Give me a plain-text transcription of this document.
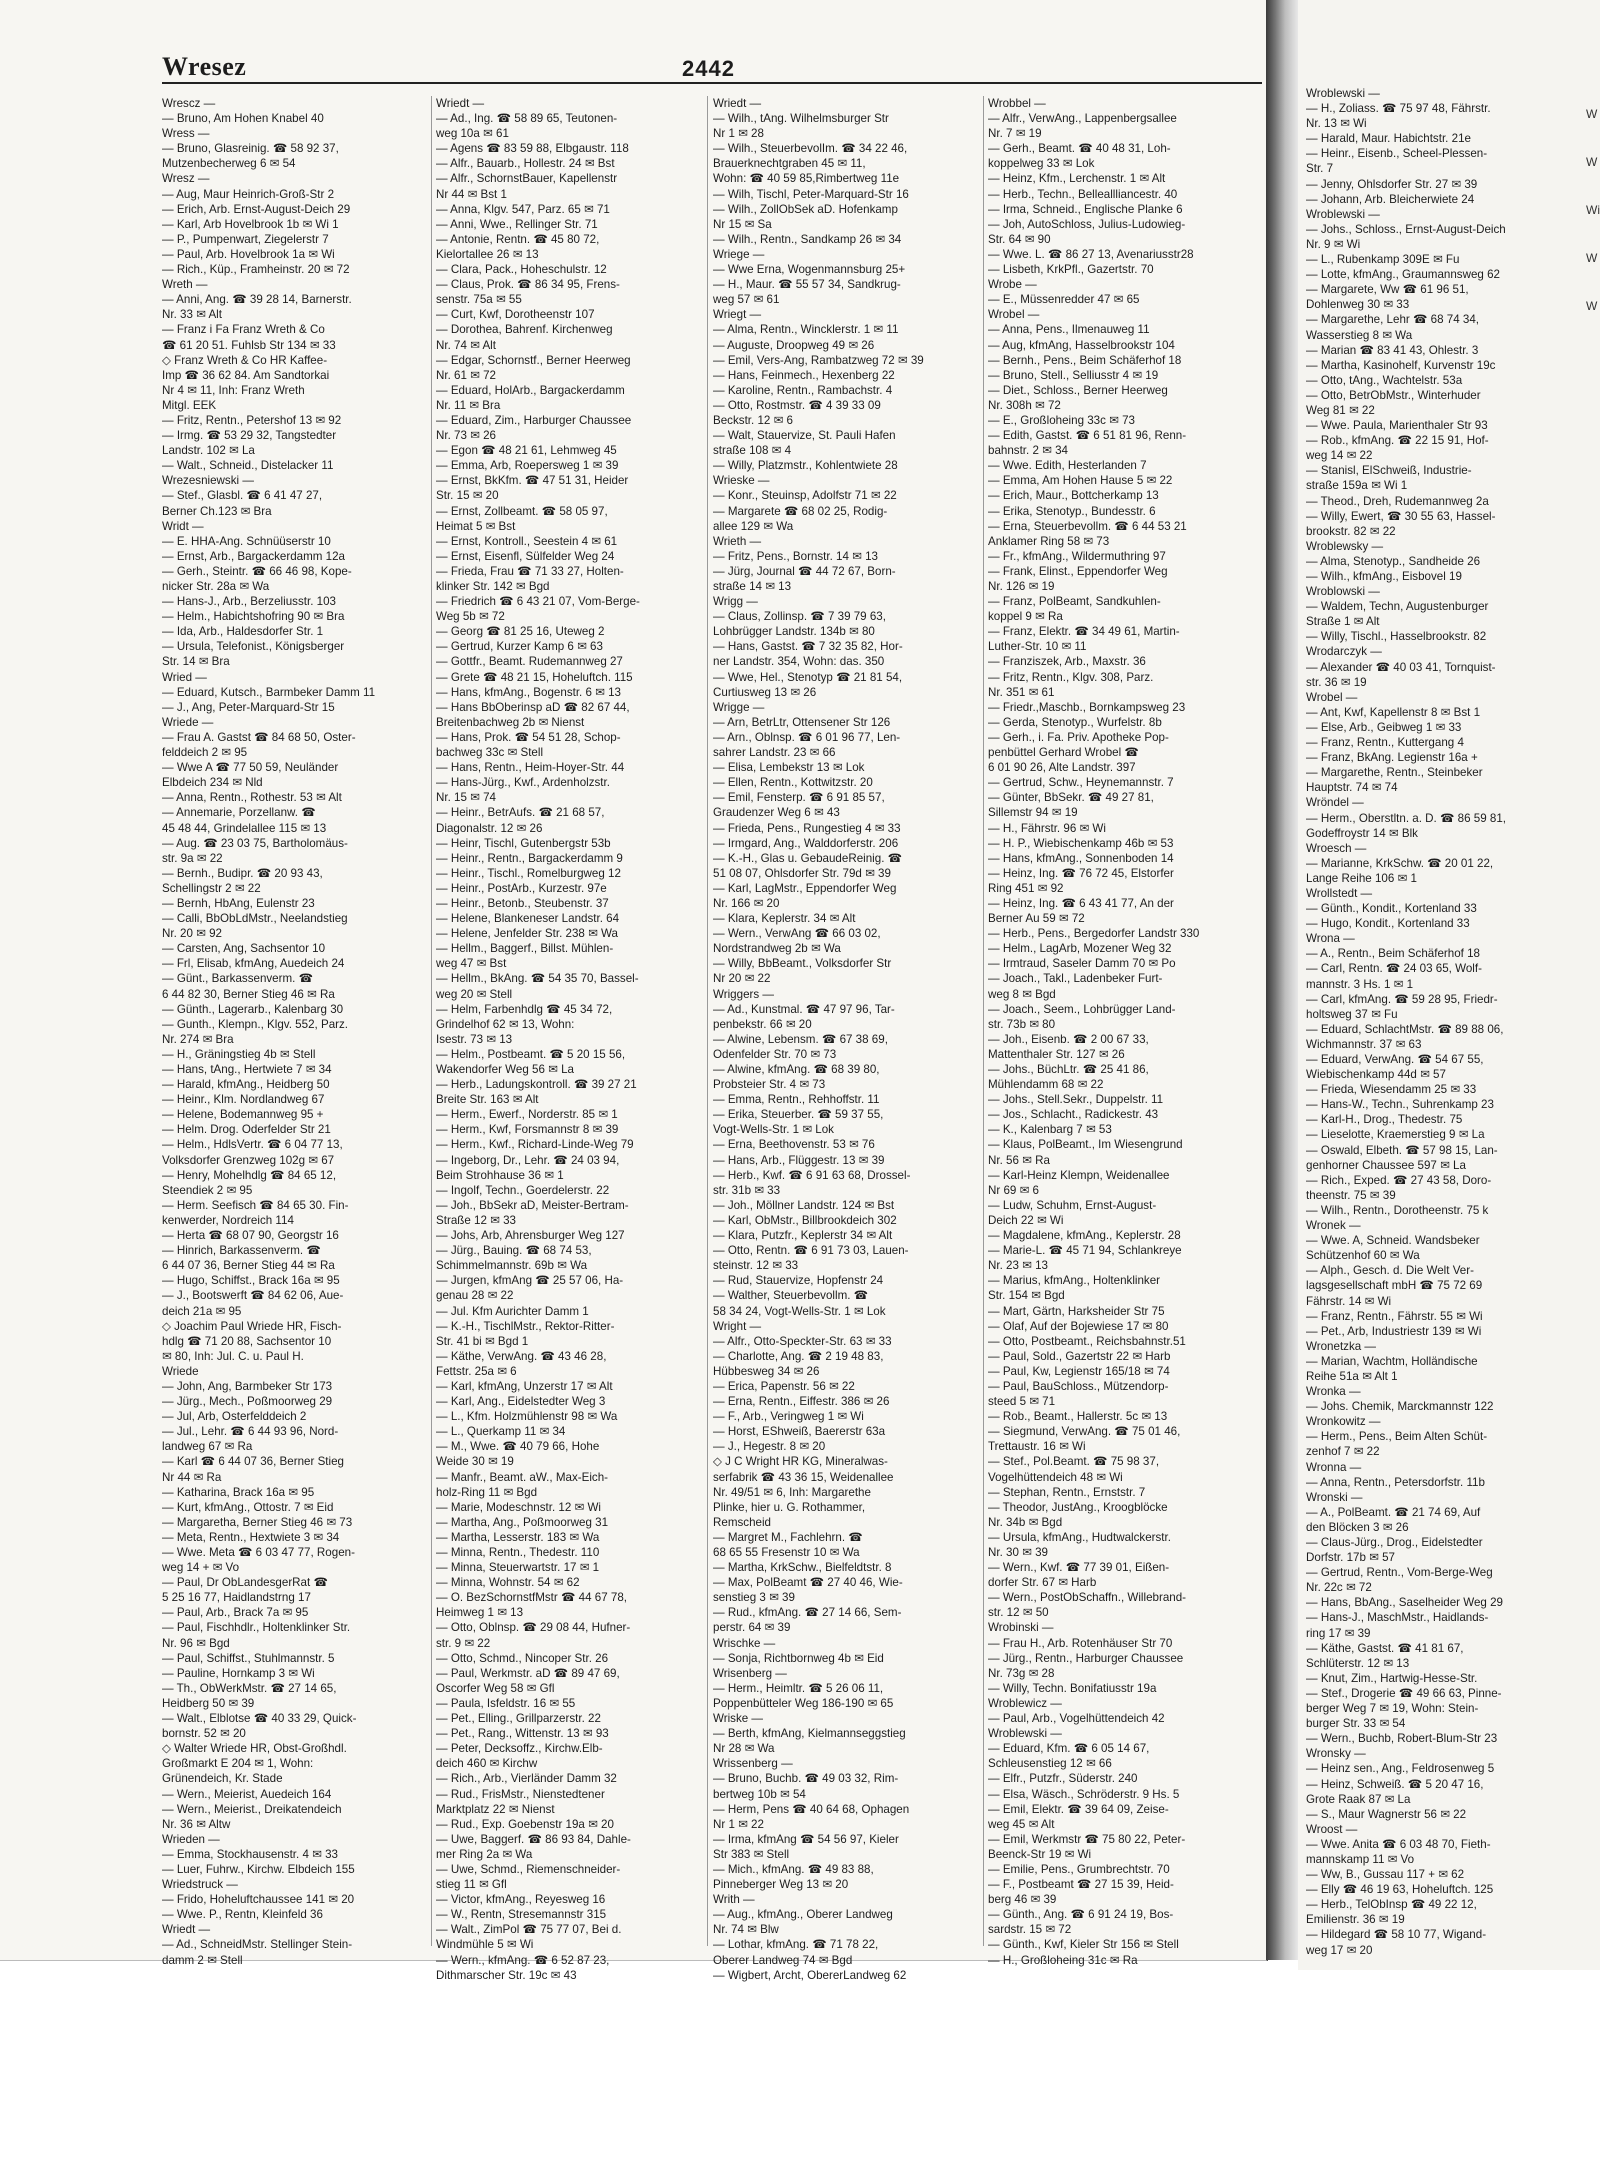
Wresez	2442
Wrescz —
— Bruno, Am Hohen Knabel 40
Wress —
— Bruno, Glasreinig. ☎ 58 92 37,
Mutzenbecherweg 6 ✉ 54
Wresz —
— Aug, Maur Heinrich-Groß-Str 2
— Erich, Arb. Ernst-August-Deich 29
— Karl, Arb Hovelbrook 1b ✉ Wi 1
— P., Pumpenwart, Ziegelerstr 7
— Paul, Arb. Hovelbrook 1a ✉ Wi
— Rich., Küp., Framheinstr. 20 ✉ 72
Wreth —
— Anni, Ang. ☎ 39 28 14, Barnerstr.
Nr. 33 ✉ Alt
— Franz i Fa Franz Wreth & Co
☎ 61 20 51. Fuhlsb Str 134 ✉ 33
◇ Franz Wreth & Co HR Kaffee-
Imp ☎ 36 62 84. Am Sandtorkai
Nr 4 ✉ 11, Inh: Franz Wreth
Mitgl. EEK
— Fritz, Rentn., Petershof 13 ✉ 92
— Irmg. ☎ 53 29 32, Tangstedter
Landstr. 102 ✉ La
— Walt., Schneid., Distelacker 11
Wrezesniewski —
— Stef., Glasbl. ☎ 6 41 47 27,
Berner Ch.123 ✉ Bra
Wridt —
— E. HHA-Ang. Schnüüserstr 10
— Ernst, Arb., Bargackerdamm 12a
— Gerh., Steintr. ☎ 66 46 98, Kope-
nicker Str. 28a ✉ Wa
— Hans-J., Arb., Berzeliusstr. 103
— Helm., Habichtshofring 90 ✉ Bra
— Ida, Arb., Haldesdorfer Str. 1
— Ursula, Telefonist., Königsberger
Str. 14 ✉ Bra
Wried —
— Eduard, Kutsch., Barmbeker Damm 11
— J., Ang, Peter-Marquard-Str 15
Wriede —
— Frau A. Gastst ☎ 84 68 50, Oster-
felddeich 2 ✉ 95
— Wwe A ☎ 77 50 59, Neuländer
Elbdeich 234 ✉ Nld
— Anna, Rentn., Rothestr. 53 ✉ Alt
— Annemarie, Porzellanw. ☎
45 48 44, Grindelallee 115 ✉ 13
— Aug. ☎ 23 03 75, Bartholomäus-
str. 9a ✉ 22
— Bernh., Budipr. ☎ 20 93 43,
Schellingstr 2 ✉ 22
— Bernh, HbAng, Eulenstr 23
— Calli, BbObLdMstr., Neelandstieg
Nr. 20 ✉ 92
— Carsten, Ang, Sachsentor 10
— Frl, Elisab, kfmAng, Auedeich 24
— Günt., Barkassenverm. ☎
6 44 82 30, Berner Stieg 46 ✉ Ra
— Günth., Lagerarb., Kalenbarg 30
— Gunth., Klempn., Klgv. 552, Parz.
Nr. 274 ✉ Bra
— H., Gräningstieg 4b ✉ Stell
— Hans, tAng., Hertwiete 7 ✉ 34
— Harald, kfmAng., Heidberg 50
— Heinr., Klm. Nordlandweg 67
— Helene, Bodemannweg 95 +
— Helm. Drog. Oderfelder Str 21
— Helm., HdlsVertr. ☎ 6 04 77 13,
Volksdorfer Grenzweg 102g ✉ 67
— Henry, Mohelhdlg ☎ 84 65 12,
Steendiek 2 ✉ 95
— Herm. Seefisch ☎ 84 65 30. Fin-
kenwerder, Nordreich 114
— Herta ☎ 68 07 90, Georgstr 16
— Hinrich, Barkassenverm. ☎
6 44 07 36, Berner Stieg 44 ✉ Ra
— Hugo, Schiffst., Brack 16a ✉ 95
— J., Bootswerft ☎ 84 62 06, Aue-
deich 21a ✉ 95
◇ Joachim Paul Wriede HR, Fisch-
hdlg ☎ 71 20 88, Sachsentor 10
✉ 80, Inh: Jul. C. u. Paul H.
Wriede
— John, Ang, Barmbeker Str 173
— Jürg., Mech., Poßmoorweg 29
— Jul, Arb, Osterfelddeich 2
— Jul., Lehr. ☎ 6 44 93 96, Nord-
landweg 67 ✉ Ra
— Karl ☎ 6 44 07 36, Berner Stieg
Nr 44 ✉ Ra
— Katharina, Brack 16a ✉ 95
— Kurt, kfmAng., Ottostr. 7 ✉ Eid
— Margaretha, Berner Stieg 46 ✉ 73
— Meta, Rentn., Hextwiete 3 ✉ 34
— Wwe. Meta ☎ 6 03 47 77, Rogen-
weg 14 + ✉ Vo
— Paul, Dr ObLandesgerRat ☎
5 25 16 77, Haidlandstrng 17
— Paul, Arb., Brack 7a ✉ 95
— Paul, Fischhdlr., Holtenklinker Str.
Nr. 96 ✉ Bgd
— Paul, Schiffst., Stuhlmannstr. 5
— Pauline, Hornkamp 3 ✉ Wi
— Th., ObWerkMstr. ☎ 27 14 65,
Heidberg 50 ✉ 39
— Walt., Elblotse ☎ 40 33 29, Quick-
bornstr. 52 ✉ 20
◇ Walter Wriede HR, Obst-Großhdl.
Großmarkt E 204 ✉ 1, Wohn:
Grünendeich, Kr. Stade
— Wern., Meierist, Auedeich 164
— Wern., Meierist., Dreikatendeich
Nr. 36 ✉ Altw
Wrieden —
— Emma, Stockhausenstr. 4 ✉ 33
— Luer, Fuhrw., Kirchw. Elbdeich 155
Wriedstruck —
— Frido, Hoheluftchaussee 141 ✉ 20
— Wwe. P., Rentn, Kleinfeld 36
Wriedt —
— Ad., SchneidMstr. Stellinger Stein-
damm 2 ✉ Stell
Wriedt —
— Ad., Ing. ☎ 58 89 65, Teutonen-
weg 10a ✉ 61
— Agens ☎ 83 59 88, Elbgaustr. 118
— Alfr., Bauarb., Hollestr. 24 ✉ Bst
— Alfr., SchornstBauer, Kapellenstr
Nr 44 ✉ Bst 1
— Anna, Klgv. 547, Parz. 65 ✉ 71
— Anni, Wwe., Rellinger Str. 71
— Antonie, Rentn. ☎ 45 80 72,
Kielortallee 26 ✉ 13
— Clara, Pack., Hoheschulstr. 12
— Claus, Prok. ☎ 86 34 95, Frens-
senstr. 75a ✉ 55
— Curt, Kwf, Dorotheenstr 107
— Dorothea, Bahrenf. Kirchenweg
Nr. 74 ✉ Alt
— Edgar, Schornstf., Berner Heerweg
Nr. 61 ✉ 72
— Eduard, HolArb., Bargackerdamm
Nr. 11 ✉ Bra
— Eduard, Zim., Harburger Chaussee
Nr. 73 ✉ 26
— Egon ☎ 48 21 61, Lehmweg 45
— Emma, Arb, Roepersweg 1 ✉ 39
— Ernst, BkKfm. ☎ 47 51 31, Heider
Str. 15 ✉ 20
— Ernst, Zollbeamt. ☎ 58 05 97,
Heimat 5 ✉ Bst
— Ernst, Kontroll., Seestein 4 ✉ 61
— Ernst, Eisenfl, Sülfelder Weg 24
— Frieda, Frau ☎ 71 33 27, Holten-
klinker Str. 142 ✉ Bgd
— Friedrich ☎ 6 43 21 07, Vom-Berge-
Weg 5b ✉ 72
— Georg ☎ 81 25 16, Uteweg 2
— Gertrud, Kurzer Kamp 6 ✉ 63
— Gottfr., Beamt. Rudemannweg 27
— Grete ☎ 48 21 15, Hoheluftch. 115
— Hans, kfmAng., Bogenstr. 6 ✉ 13
— Hans BbOberinsp aD ☎ 82 67 44,
Breitenbachweg 2b ✉ Nienst
— Hans, Prok. ☎ 54 51 28, Schop-
bachweg 33c ✉ Stell
— Hans, Rentn., Heim-Hoyer-Str. 44
— Hans-Jürg., Kwf., Ardenholzstr.
Nr. 15 ✉ 74
— Heinr., BetrAufs. ☎ 21 68 57,
Diagonalstr. 12 ✉ 26
— Heinr, Tischl, Gutenbergstr 53b
— Heinr., Rentn., Bargackerdamm 9
— Heinr., Tischl., Romelburgweg 12
— Heinr., PostArb., Kurzestr. 97e
— Heinr., Betonb., Steubenstr. 37
— Helene, Blankeneser Landstr. 64
— Helene, Jenfelder Str. 238 ✉ Wa
— Hellm., Baggerf., Billst. Mühlen-
weg 47 ✉ Bst
— Hellm., BkAng. ☎ 54 35 70, Bassel-
weg 20 ✉ Stell
— Helm, Farbenhdlg ☎ 45 34 72,
Grindelhof 62 ✉ 13, Wohn:
Isestr. 73 ✉ 13
— Helm., Postbeamt. ☎ 5 20 15 56,
Wakendorfer Weg 56 ✉ La
— Herb., Ladungskontroll. ☎ 39 27 21
Breite Str. 163 ✉ Alt
— Herm., Ewerf., Norderstr. 85 ✉ 1
— Herm., Kwf, Forsmannstr 8 ✉ 39
— Herm., Kwf., Richard-Linde-Weg 79
— Ingeborg, Dr., Lehr. ☎ 24 03 94,
Beim Strohhause 36 ✉ 1
— Ingolf, Techn., Goerdelerstr. 22
— Joh., BbSekr aD, Meister-Bertram-
Straße 12 ✉ 33
— Johs, Arb, Ahrensburger Weg 127
— Jürg., Bauing. ☎ 68 74 53,
Schimmelmannstr. 69b ✉ Wa
— Jurgen, kfmAng ☎ 25 57 06, Ha-
genau 28 ✉ 22
— Jul. Kfm Aurichter Damm 1
— K.-H., TischlMstr., Rektor-Ritter-
Str. 41 bi ✉ Bgd 1
— Käthe, VerwAng. ☎ 43 46 28,
Fettstr. 25a ✉ 6
— Karl, kfmAng, Unzerstr 17 ✉ Alt
— Karl, Ang., Eidelstedter Weg 3
— L., Kfm. Holzmühlenstr 98 ✉ Wa
— L., Querkamp 11 ✉ 34
— M., Wwe. ☎ 40 79 66, Hohe
Weide 30 ✉ 19
— Manfr., Beamt. aW., Max-Eich-
holz-Ring 11 ✉ Bgd
— Marie, Modeschnstr. 12 ✉ Wi
— Martha, Ang., Poßmoorweg 31
— Martha, Lesserstr. 183 ✉ Wa
— Minna, Rentn., Thedestr. 110
— Minna, Steuerwartstr. 17 ✉ 1
— Minna, Wohnstr. 54 ✉ 62
— O. BezSchornstfMstr ☎ 44 67 78,
Heimweg 1 ✉ 13
— Otto, Oblnsp. ☎ 29 08 44, Hufner-
str. 9 ✉ 22
— Otto, Schmd., Nincoper Str. 26
— Paul, Werkmstr. aD ☎ 89 47 69,
Oscorfer Weg 58 ✉ Gfl
— Paula, Isfeldstr. 16 ✉ 55
— Pet., Elling., Grillparzerstr. 22
— Pet., Rang., Wittenstr. 13 ✉ 93
— Peter, Decksoffz., Kirchw.Elb-
deich 460 ✉ Kirchw
— Rich., Arb., Vierländer Damm 32
— Rud., FrisMstr., Nienstedtener
Marktplatz 22 ✉ Nienst
— Rud., Exp. Goebenstr 19a ✉ 20
— Uwe, Baggerf. ☎ 86 93 84, Dahle-
mer Ring 2a ✉ Wa
— Uwe, Schmd., Riemenschneider-
stieg 11 ✉ Gfl
— Victor, kfmAng., Reyesweg 16
— W., Rentn, Stresemannstr 315
— Walt., ZimPol ☎ 75 77 07, Bei d.
Windmühle 5 ✉ Wi
— Wern., kfmAng. ☎ 6 52 87 23,
Dithmarscher Str. 19c ✉ 43
Wriedt —
— Wilh., tAng. Wilhelmsburger Str
Nr 1 ✉ 28
— Wilh., SteuerbevolIm. ☎ 34 22 46,
Brauerknechtgraben 45 ✉ 11,
Wohn: ☎ 40 59 85,Rimbertweg 11e
— Wilh, Tischl, Peter-Marquard-Str 16
— Wilh., ZollObSek aD. Hofenkamp
Nr 15 ✉ Sa
— Wilh., Rentn., Sandkamp 26 ✉ 34
Wriege —
— Wwe Erna, Wogenmannsburg 25+
— H., Maur. ☎ 55 57 34, Sandkrug-
weg 57 ✉ 61
Wriegt —
— Alma, Rentn., Wincklerstr. 1 ✉ 11
— Auguste, Droopweg 49 ✉ 26
— Emil, Vers-Ang, Rambatzweg 72 ✉ 39
— Hans, Feinmech., Hexenberg 22
— Karoline, Rentn., Rambachstr. 4
— Otto, Rostmstr. ☎ 4 39 33 09
Beckstr. 12 ✉ 6
— Walt, Stauervize, St. Pauli Hafen
straße 108 ✉ 4
— Willy, Platzmstr., Kohlentwiete 28
Wrieske —
— Konr., Steuinsp, Adolfstr 71 ✉ 22
— Margarete ☎ 68 02 25, Rodig-
allee 129 ✉ Wa
Wrieth —
— Fritz, Pens., Bornstr. 14 ✉ 13
— Jürg, Journal ☎ 44 72 67, Born-
straße 14 ✉ 13
Wrigg —
— Claus, Zollinsp. ☎ 7 39 79 63,
Lohbrügger Landstr. 134b ✉ 80
— Hans, Gastst. ☎ 7 32 35 82, Hor-
ner Landstr. 354, Wohn: das. 350
— Wwe, Hel., Stenotyp ☎ 21 81 54,
Curtiusweg 13 ✉ 26
Wrigge —
— Arn, BetrLtr, Ottensener Str 126
— Arn., Oblnsp. ☎ 6 01 96 77, Len-
sahrer Landstr. 23 ✉ 66
— Elisa, Lembekstr 13 ✉ Lok
— Ellen, Rentn., Kottwitzstr. 20
— Emil, Fensterp. ☎ 6 91 85 57,
Graudenzer Weg 6 ✉ 43
— Frieda, Pens., Rungestieg 4 ✉ 33
— Irmgard, Ang., Walddorferstr. 206
— K.-H., Glas u. GebaudeReinig. ☎
51 08 07, Ohlsdorfer Str. 79d ✉ 39
— Karl, LagMstr., Eppendorfer Weg
Nr. 166 ✉ 20
— Klara, Keplerstr. 34 ✉ Alt
— Wern., VerwAng ☎ 66 03 02,
Nordstrandweg 2b ✉ Wa
— Willy, BbBeamt., Volksdorfer Str
Nr 20 ✉ 22
Wriggers —
— Ad., Kunstmal. ☎ 47 97 96, Tar-
penbekstr. 66 ✉ 20
— Alwine, Lebensm. ☎ 67 38 69,
Odenfelder Str. 70 ✉ 73
— Alwine, kfmAng. ☎ 68 39 80,
Probsteier Str. 4 ✉ 73
— Emma, Rentn., Rehhoffstr. 11
— Erika, Steuerber. ☎ 59 37 55,
Vogt-Wells-Str. 1 ✉ Lok
— Erna, Beethovenstr. 53 ✉ 76
— Hans, Arb., Flüggestr. 13 ✉ 39
— Herb., Kwf. ☎ 6 91 63 68, Drossel-
str. 31b ✉ 33
— Joh., Möllner Landstr. 124 ✉ Bst
— Karl, ObMstr., Billbrookdeich 302
— Klara, Putzfr., Keplerstr 34 ✉ Alt
— Otto, Rentn. ☎ 6 91 73 03, Lauen-
steinstr. 12 ✉ 33
— Rud, Stauervize, Hopfenstr 24
— Walther, Steuerbevollm. ☎
58 34 24, Vogt-Wells-Str. 1 ✉ Lok
Wright —
— Alfr., Otto-Speckter-Str. 63 ✉ 33
— Charlotte, Ang. ☎ 2 19 48 83,
Hübbesweg 34 ✉ 26
— Erica, Papenstr. 56 ✉ 22
— Erna, Rentn., Eiffestr. 386 ✉ 26
— F., Arb., Veringweg 1 ✉ Wi
— Horst, EShweiß, Baererstr 63a
— J., Hegestr. 8 ✉ 20
◇ J C Wright HR KG, Mineralwas-
serfabrik ☎ 43 36 15, Weidenallee
Nr. 49/51 ✉ 6, Inh: Margarethe
Plinke, hier u. G. Rothammer,
Remscheid
— Margret M., Fachlehrn. ☎
68 65 55 Fresenstr 10 ✉ Wa
— Martha, KrkSchw., Bielfeldtstr. 8
— Max, PolBeamt ☎ 27 40 46, Wie-
senstieg 3 ✉ 39
— Rud., kfmAng. ☎ 27 14 66, Sem-
perstr. 64 ✉ 39
Wrischke —
— Sonja, Richtbornweg 4b ✉ Eid
Wrisenberg —
— Herm., Heimltr. ☎ 5 26 06 11,
Poppenbütteler Weg 186-190 ✉ 65
Wriske —
— Berth, kfmAng, Kielmannseggstieg
Nr 28 ✉ Wa
Wrissenberg —
— Bruno, Buchb. ☎ 49 03 32, Rim-
bertweg 10b ✉ 54
— Herm, Pens ☎ 40 64 68, Ophagen
Nr 1 ✉ 22
— Irma, kfmAng ☎ 54 56 97, Kieler
Str 383 ✉ Stell
— Mich., kfmAng. ☎ 49 83 88,
Pinneberger Weg 13 ✉ 20
Writh —
— Aug., kfmAng., Oberer Landweg
Nr. 74 ✉ Blw
— Lothar, kfmAng. ☎ 71 78 22,
Oberer Landweg 74 ✉ Bgd
— Wigbert, Archt, ObererLandweg 62
Wrobbel —
— Alfr., VerwAng., Lappenbergsallee
Nr. 7 ✉ 19
— Gerh., Beamt. ☎ 40 48 31, Loh-
koppelweg 33 ✉ Lok
— Heinz, Kfm., Lerchenstr. 1 ✉ Alt
— Herb., Techn., Belleallliancestr. 40
— Irma, Schneid., Englische Planke 6
— Joh, AutoSchloss, Julius-Ludowieg-
Str. 64 ✉ 90
— Wwe. L. ☎ 86 27 13, Avenariusstr28
— Lisbeth, KrkPfl., Gazertstr. 70
Wrobe —
— E., Müssenredder 47 ✉ 65
Wrobel —
— Anna, Pens., Ilmenauweg 11
— Aug, kfmAng, Hasselbrookstr 104
— Bernh., Pens., Beim Schäferhof 18
— Bruno, Stell., Selliusstr 4 ✉ 19
— Diet., Schloss., Berner Heerweg
Nr. 308h ✉ 72
— E., Großloheing 33c ✉ 73
— Edith, Gastst. ☎ 6 51 81 96, Renn-
bahnstr. 2 ✉ 34
— Wwe. Edith, Hesterlanden 7
— Emma, Am Hohen Hause 5 ✉ 22
— Erich, Maur., Bottcherkamp 13
— Erika, Stenotyp., Bundesstr. 6
— Erna, Steuerbevollm. ☎ 6 44 53 21
Anklamer Ring 58 ✉ 73
— Fr., kfmAng., Wildermuthring 97
— Frank, Elinst., Eppendorfer Weg
Nr. 126 ✉ 19
— Franz, PolBeamt, Sandkuhlen-
koppel 9 ✉ Ra
— Franz, Elektr. ☎ 34 49 61, Martin-
Luther-Str. 10 ✉ 11
— Franziszek, Arb., Maxstr. 36
— Fritz, Rentn., Klgv. 308, Parz.
Nr. 351 ✉ 61
— Friedr.,Maschb., Bornkampsweg 23
— Gerda, Stenotyp., Wurfelstr. 8b
— Gerh., i. Fa. Priv. Apotheke Pop-
penbüttel Gerhard Wrobel ☎
6 01 90 26, Alte Landstr. 397
— Gertrud, Schw., Heynemannstr. 7
— Günter, BbSekr. ☎ 49 27 81,
Sillemstr 94 ✉ 19
— H., Fährstr. 96 ✉ Wi
— H. P., Wiebischenkamp 46b ✉ 53
— Hans, kfmAng., Sonnenboden 14
— Heinz, Ing. ☎ 76 72 45, Elstorfer
Ring 451 ✉ 92
— Heinz, Ing. ☎ 6 43 41 77, An der
Berner Au 59 ✉ 72
— Herb., Pens., Bergedorfer Landstr 330
— Helm., LagArb, Mozener Weg 32
— Irmtraud, Saseler Damm 70 ✉ Po
— Joach., Takl., Ladenbeker Furt-
weg 8 ✉ Bgd
— Joach., Seem., Lohbrügger Land-
str. 73b ✉ 80
— Joh., Eisenb. ☎ 2 00 67 33,
Mattenthaler Str. 127 ✉ 26
— Johs., BüchLtr. ☎ 25 41 86,
Mühlendamm 68 ✉ 22
— Johs., Stell.Sekr., Duppelstr. 11
— Jos., Schlacht., Radickestr. 43
— K., Kalenbarg 7 ✉ 53
— Klaus, PolBeamt., Im Wiesengrund
Nr. 56 ✉ Ra
— Karl-Heinz Klempn, Weidenallee
Nr 69 ✉ 6
— Ludw, Schuhm, Ernst-August-
Deich 22 ✉ Wi
— Magdalene, kfmAng., Keplerstr. 28
— Marie-L. ☎ 45 71 94, Schlankreye
Nr. 23 ✉ 13
— Marius, kfmAng., Holtenklinker
Str. 154 ✉ Bgd
— Mart, Gärtn, Harksheider Str 75
— Olaf, Auf der Bojewiese 17 ✉ 80
— Otto, Postbeamt., Reichsbahnstr.51
— Paul, Sold., Gazertstr 22 ✉ Harb
— Paul, Kw, Legienstr 165/18 ✉ 74
— Paul, BauSchloss., Mützendorp-
steed 5 ✉ 71
— Rob., Beamt., Hallerstr. 5c ✉ 13
— Siegmund, VerwAng. ☎ 75 01 46,
Trettaustr. 16 ✉ Wi
— Stef., Pol.Beamt. ☎ 75 98 37,
Vogelhüttendeich 48 ✉ Wi
— Stephan, Rentn., Ernststr. 7
— Theodor, JustAng., Kroogblöcke
Nr. 34b ✉ Bgd
— Ursula, kfmAng., Hudtwalckerstr.
Nr. 30 ✉ 39
— Wern., Kwf. ☎ 77 39 01, Eißen-
dorfer Str. 67 ✉ Harb
— Wern., PostObSchaffn., Willebrand-
str. 12 ✉ 50
Wrobinski —
— Frau H., Arb. Rotenhäuser Str 70
— Jürg., Rentn., Harburger Chaussee
Nr. 73g ✉ 28
— Willy, Techn. Bonifatiusstr 19a
Wroblewicz —
— Paul, Arb., Vogelhüttendeich 42
Wroblewski —
— Eduard, Kfm. ☎ 6 05 14 67,
Schleusenstieg 12 ✉ 66
— Elfr., Putzfr., Süderstr. 240
— Elsa, Wäsch., Schröderstr. 9 Hs. 5
— Emil, Elektr. ☎ 39 64 09, Zeise-
weg 45 ✉ Alt
— Emil, Werkmstr ☎ 75 80 22, Peter-
Beenck-Str 19 ✉ Wi
— Emilie, Pens., Grumbrechtstr. 70
— F., Postbeamt ☎ 27 15 39, Heid-
berg 46 ✉ 39
— Günth., Ang. ☎ 6 91 24 19, Bos-
sardstr. 15 ✉ 72
— Günth., Kwf, Kieler Str 156 ✉ Stell
— H., Großloheing 31c ✉ Ra
Wroblewski —
— H., Zoliass. ☎ 75 97 48, Fährstr.
Nr. 13 ✉ Wi
— Harald, Maur. Habichtstr. 21e
— Heinr., Eisenb., Scheel-Plessen-
Str. 7
— Jenny, Ohlsdorfer Str. 27 ✉ 39
— Johann, Arb. Bleicherwiete 24
Wroblewski —
— Johs., Schloss., Ernst-August-Deich
Nr. 9 ✉ Wi
— L., Rubenkamp 309E ✉ Fu
— Lotte, kfmAng., Graumannsweg 62
— Margarete, Ww ☎ 61 96 51,
Dohlenweg 30 ✉ 33
— Margarethe, Lehr ☎ 68 74 34,
Wasserstieg 8 ✉ Wa
— Marian ☎ 83 41 43, Ohlestr. 3
— Martha, Kasinohelf, Kurvenstr 19c
— Otto, tAng., Wachtelstr. 53a
— Otto, BetrObMstr., Winterhuder
Weg 81 ✉ 22
— Wwe. Paula, Marienthaler Str 93
— Rob., kfmAng. ☎ 22 15 91, Hof-
weg 14 ✉ 22
— Stanisl, ElSchweiß, Industrie-
straße 159a ✉ Wi 1
— Theod., Dreh, Rudemannweg 2a
— Willy, Ewert, ☎ 30 55 63, Hassel-
brookstr. 82 ✉ 22
Wroblewsky —
— Alma, Stenotyp., Sandheide 26
— Wilh., kfmAng., Eisbovel 19
Wroblowski —
— Waldem, Techn, Augustenburger
Straße 1 ✉ Alt
— Willy, Tischl., Hasselbrookstr. 82
Wrodarczyk —
— Alexander ☎ 40 03 41, Tornquist-
str. 36 ✉ 19
Wrobel —
— Ant, Kwf, Kapellenstr 8 ✉ Bst 1
— Else, Arb., Geibweg 1 ✉ 33
— Franz, Rentn., Kuttergang 4
— Franz, BkAng. Legienstr 16a +
— Margarethe, Rentn., Steinbeker
Hauptstr. 74 ✉ 74
Wröndel —
— Herm., Oberstltn. a. D. ☎ 86 59 81,
Godeffroystr 14 ✉ Blk
Wroesch —
— Marianne, KrkSchw. ☎ 20 01 22,
Lange Reihe 106 ✉ 1
Wrollstedt —
— Günth., Kondit., Kortenland 33
— Hugo, Kondit., Kortenland 33
Wrona —
— A., Rentn., Beim Schäferhof 18
— Carl, Rentn. ☎ 24 03 65, Wolf-
mannstr. 3 Hs. 1 ✉ 1
— Carl, kfmAng. ☎ 59 28 95, Friedr-
holtsweg 37 ✉ Fu
— Eduard, SchlachtMstr. ☎ 89 88 06,
Wichmannstr. 37 ✉ 63
— Eduard, VerwAng. ☎ 54 67 55,
Wiebischenkamp 44d ✉ 57
— Frieda, Wiesendamm 25 ✉ 33
— Hans-W., Techn., Suhrenkamp 23
— Karl-H., Drog., Thedestr. 75
— Lieselotte, Kraemerstieg 9 ✉ La
— Oswald, Elbeth. ☎ 57 98 15, Lan-
genhorner Chaussee 597 ✉ La
— Rich., Exped. ☎ 27 43 58, Doro-
theenstr. 75 ✉ 39
— Wilh., Rentn., Dorotheenstr. 75 k
Wronek —
— Wwe. A, Schneid. Wandsbeker
Schützenhof 60 ✉ Wa
— Alph., Gesch. d. Die Welt Ver-
lagsgesellschaft mbH ☎ 75 72 69
Fährstr. 14 ✉ Wi
— Franz, Rentn., Fährstr. 55 ✉ Wi
— Pet., Arb, Industriestr 139 ✉ Wi
Wronetzka —
— Marian, Wachtm, Holländische
Reihe 51a ✉ Alt 1
Wronka —
— Johs. Chemik, Marckmannstr 122
Wronkowitz —
— Herm., Pens., Beim Alten Schüt-
zenhof 7 ✉ 22
Wronna —
— Anna, Rentn., Petersdorfstr. 11b
Wronski —
— A., PolBeamt. ☎ 21 74 69, Auf
den Blöcken 3 ✉ 26
— Claus-Jürg., Drog., Eidelstedter
Dorfstr. 17b ✉ 57
— Gertrud, Rentn., Vom-Berge-Weg
Nr. 22c ✉ 72
— Hans, BbAng., Saselheider Weg 29
— Hans-J., MaschMstr., Haidlands-
ring 17 ✉ 39
— Käthe, Gastst. ☎ 41 81 67,
Schlüterstr. 12 ✉ 13
— Knut, Zim., Hartwig-Hesse-Str.
— Stef., Drogerie ☎ 49 66 63, Pinne-
berger Weg 7 ✉ 19, Wohn: Stein-
burger Str. 33 ✉ 54
— Wern., Buchb, Robert-Blum-Str 23
Wronsky —
— Heinz sen., Ang., Feldrosenweg 5
— Heinz, Schweiß. ☎ 5 20 47 16,
Grote Raak 87 ✉ La
— S., Maur Wagnerstr 56 ✉ 22
Wroost —
— Wwe. Anita ☎ 6 03 48 70, Fieth-
mannskamp 11 ✉ Vo
— Ww, B., Gussau 117 + ✉ 62
— Elly ☎ 46 19 63, Hoheluftch. 125
— Herb., TelObInsp ☎ 49 22 12,
Emilienstr. 36 ✉ 19
— Hildegard ☎ 58 10 77, Wigand-
weg 17 ✉ 20
W
W
Wi
W
W
